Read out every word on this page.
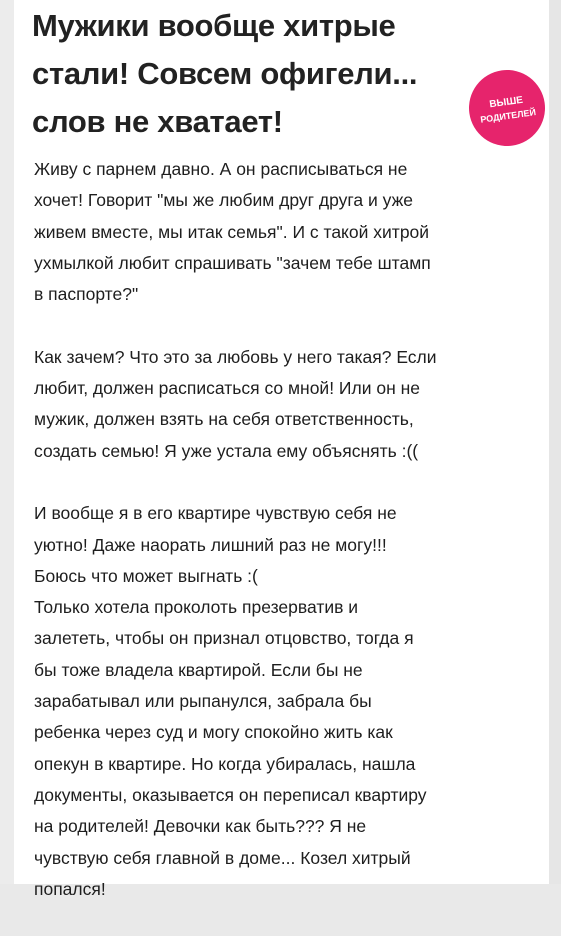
Мужики вообще хитрые
стали! Совсем офигели...
слов не хватает!
ВЫШЕ
РОДИТЕЛЕЙ

Живу с парнем давно. А он расписываться не
хочет! Говорит "мы же любим друг друга и уже
живем вместе, мы итак семья". И с такой хитрой
ухмылкой любит спрашивать "зачем тебе штамп
в паспорте?"

Как зачем? Что это за любовь у него такая? Если
любит, должен расписаться со мной! Или он не
мужик, должен взять на себя ответственность,
создать семью! Я уже устала ему объяснять :((

И вообще я в его квартире чувствую себя не
уютно! Даже наорать лишний раз не могу!!!
Боюсь что может выгнать :(
Только хотела проколоть презерватив и
залететь, чтобы он признал отцовство, тогда я
бы тоже владела квартирой. Если бы не
зарабатывал или рыпанулся, забрала бы
ребенка через суд и могу спокойно жить как
опекун в квартире. Но когда убиралась, нашла
документы, оказывается он переписал квартиру
на родителей! Девочки как быть??? Я не
чувствую себя главной в доме... Козел хитрый
попался!
